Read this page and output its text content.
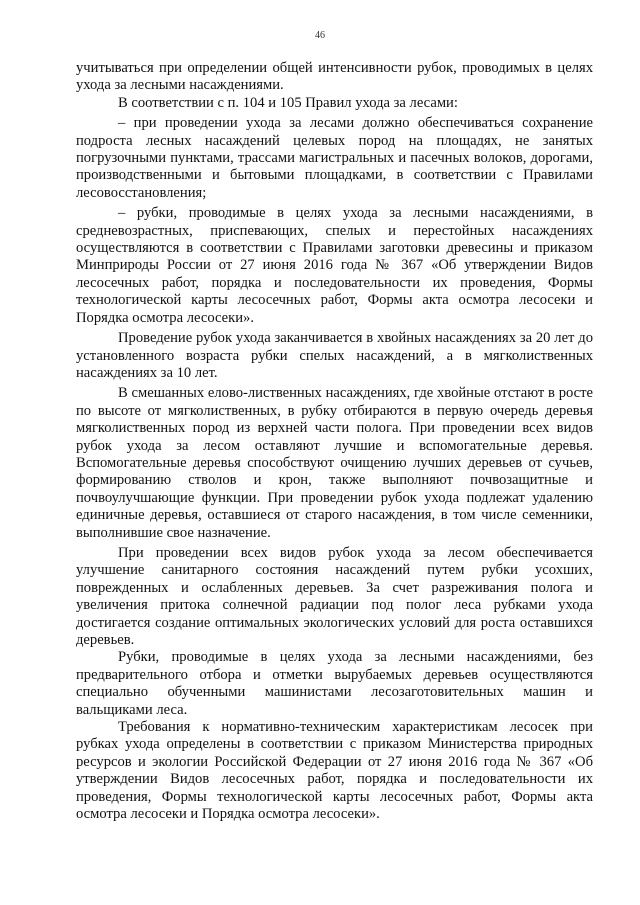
46

учитываться при определении общей интенсивности рубок, проводимых в целях ухода за лесными насаждениями.

В соответствии с п. 104 и 105 Правил ухода за лесами:

– при проведении ухода за лесами должно обеспечиваться сохранение подроста лесных насаждений целевых пород на площадях, не занятых погрузочными пунктами, трассами магистральных и пасечных волоков, дорогами, производственными и бытовыми площадками, в соответствии с Правилами лесовосстановления;

– рубки, проводимые в целях ухода за лесными насаждениями, в средневозрастных, приспевающих, спелых и перестойных насаждениях осуществляются в соответствии с Правилами заготовки древесины и приказом Минприроды России от 27 июня 2016 года № 367 «Об утверждении Видов лесосечных работ, порядка и последовательности их проведения, Формы технологической карты лесосечных работ, Формы акта осмотра лесосеки и Порядка осмотра лесосеки».

Проведение рубок ухода заканчивается в хвойных насаждениях за 20 лет до установленного возраста рубки спелых насаждений, а в мягколиственных насаждениях за 10 лет.

В смешанных елово-лиственных насаждениях, где хвойные отстают в росте по высоте от мягколиственных, в рубку отбираются в первую очередь деревья мягколиственных пород из верхней части полога. При проведении всех видов рубок ухода за лесом оставляют лучшие и вспомогательные деревья. Вспомогательные деревья способствуют очищению лучших деревьев от сучьев, формированию стволов и крон, также выполняют почвозащитные и почвоулучшающие функции. При проведении рубок ухода подлежат удалению единичные деревья, оставшиеся от старого насаждения, в том числе семенники, выполнившие свое назначение.

При проведении всех видов рубок ухода за лесом обеспечивается улучшение санитарного состояния насаждений путем рубки усохших, поврежденных и ослабленных деревьев. За счет разреживания полога и увеличения притока солнечной радиации под полог леса рубками ухода достигается создание оптимальных экологических условий для роста оставшихся деревьев.

Рубки, проводимые в целях ухода за лесными насаждениями, без предварительного отбора и отметки вырубаемых деревьев осуществляются специально обученными машинистами лесозаготовительных машин и вальщиками леса.

Требования к нормативно-техническим характеристикам лесосек при рубках ухода определены в соответствии с приказом Министерства природных ресурсов и экологии Российской Федерации от 27 июня 2016 года № 367 «Об утверждении Видов лесосечных работ, порядка и последовательности их проведения, Формы технологической карты лесосечных работ, Формы акта осмотра лесосеки и Порядка осмотра лесосеки».
